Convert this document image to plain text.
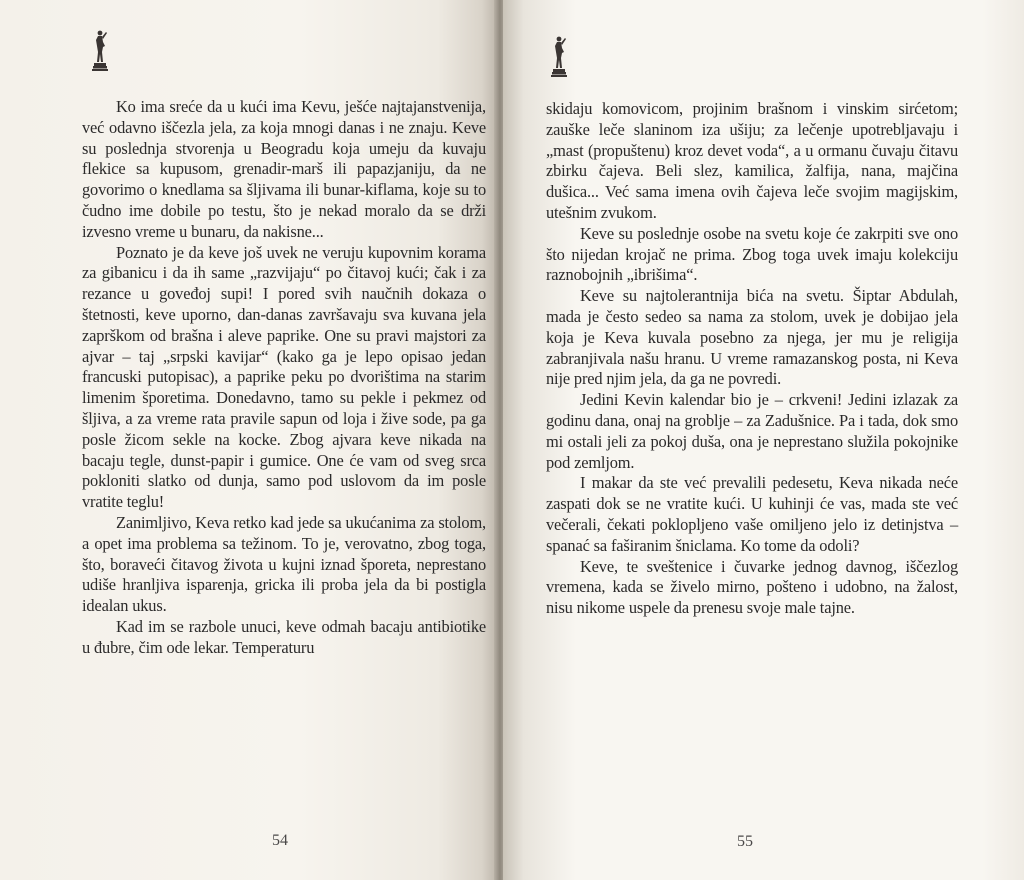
Ko ima sreće da u kući ima Kevu, ješće najtajanstvenija, već odavno iščezla jela, za koja mnogi danas i ne znaju. Keve su poslednja stvorenja u Beogradu koja umeju da kuvaju flekice sa kupusom, grenadir-marš ili papazjaniju, da ne govorimo o knedlama sa šljivama ili bunar-kiflama, koje su to čudno ime dobile po testu, što je nekad moralo da se drži izvesno vreme u bunaru, da nakisne...

Poznato je da keve još uvek ne veruju kupovnim korama za gibanicu i da ih same „razvijaju“ po čitavoj kući; čak i za rezance u goveđoj supi! I pored svih naučnih dokaza o štetnosti, keve uporno, dan-danas završavaju sva kuvana jela zaprškom od brašna i aleve paprike. One su pravi majstori za ajvar – taj „srpski kavijar“ (kako ga je lepo opisao jedan francuski putopisac), a paprike peku po dvorištima na starim limenim šporetima. Donedavno, tamo su pekle i pekmez od šljiva, a za vreme rata pravile sapun od loja i žive sode, pa ga posle žicom sekle na kocke. Zbog ajvara keve nikada na bacaju tegle, dunst-papir i gumice. One će vam od sveg srca pokloniti slatko od dunja, samo pod uslovom da im posle vratite teglu!

Zanimljivo, Keva retko kad jede sa ukućanima za stolom, a opet ima problema sa težinom. To je, verovatno, zbog toga, što, boraveći čitavog života u kujni iznad šporeta, neprestano udiše hranljiva isparenja, gricka ili proba jela da bi postigla idealan ukus.

Kad im se razbole unuci, keve odmah bacaju antibiotike u đubre, čim ode lekar. Temperaturu

54

skidaju komovicom, projinim brašnom i vinskim sirćetom; zauške leče slaninom iza ušiju; za lečenje upotrebljavaju i „mast (propuštenu) kroz devet voda“, a u ormanu čuvaju čitavu zbirku čajeva. Beli slez, kamilica, žalfija, nana, majčina dušica... Već sama imena ovih čajeva leče svojim magijskim, utešnim zvukom.

Keve su poslednje osobe na svetu koje će zakrpiti sve ono što nijedan krojač ne prima. Zbog toga uvek imaju kolekciju raznobojnih „ibrišima“.

Keve su najtolerantnija bića na svetu. Šiptar Abdulah, mada je često sedeo sa nama za stolom, uvek je dobijao jela koja je Keva kuvala posebno za njega, jer mu je religija zabranjivala našu hranu. U vreme ramazanskog posta, ni Keva nije pred njim jela, da ga ne povredi.

Jedini Kevin kalendar bio je – crkveni! Jedini izlazak za godinu dana, onaj na groblje – za Zadušnice. Pa i tada, dok smo mi ostali jeli za pokoj duša, ona je neprestano služila pokojnike pod zemljom.

I makar da ste već prevalili pedesetu, Keva nikada neće zaspati dok se ne vratite kući. U kuhinji će vas, mada ste već večerali, čekati poklopljeno vaše omiljeno jelo iz detinjstva – spanać sa faširanim šniclama. Ko tome da odoli?

Keve, te sveštenice i čuvarke jednog davnog, iščezlog vremena, kada se živelo mirno, pošteno i udobno, na žalost, nisu nikome uspele da prenesu svoje male tajne.

55
